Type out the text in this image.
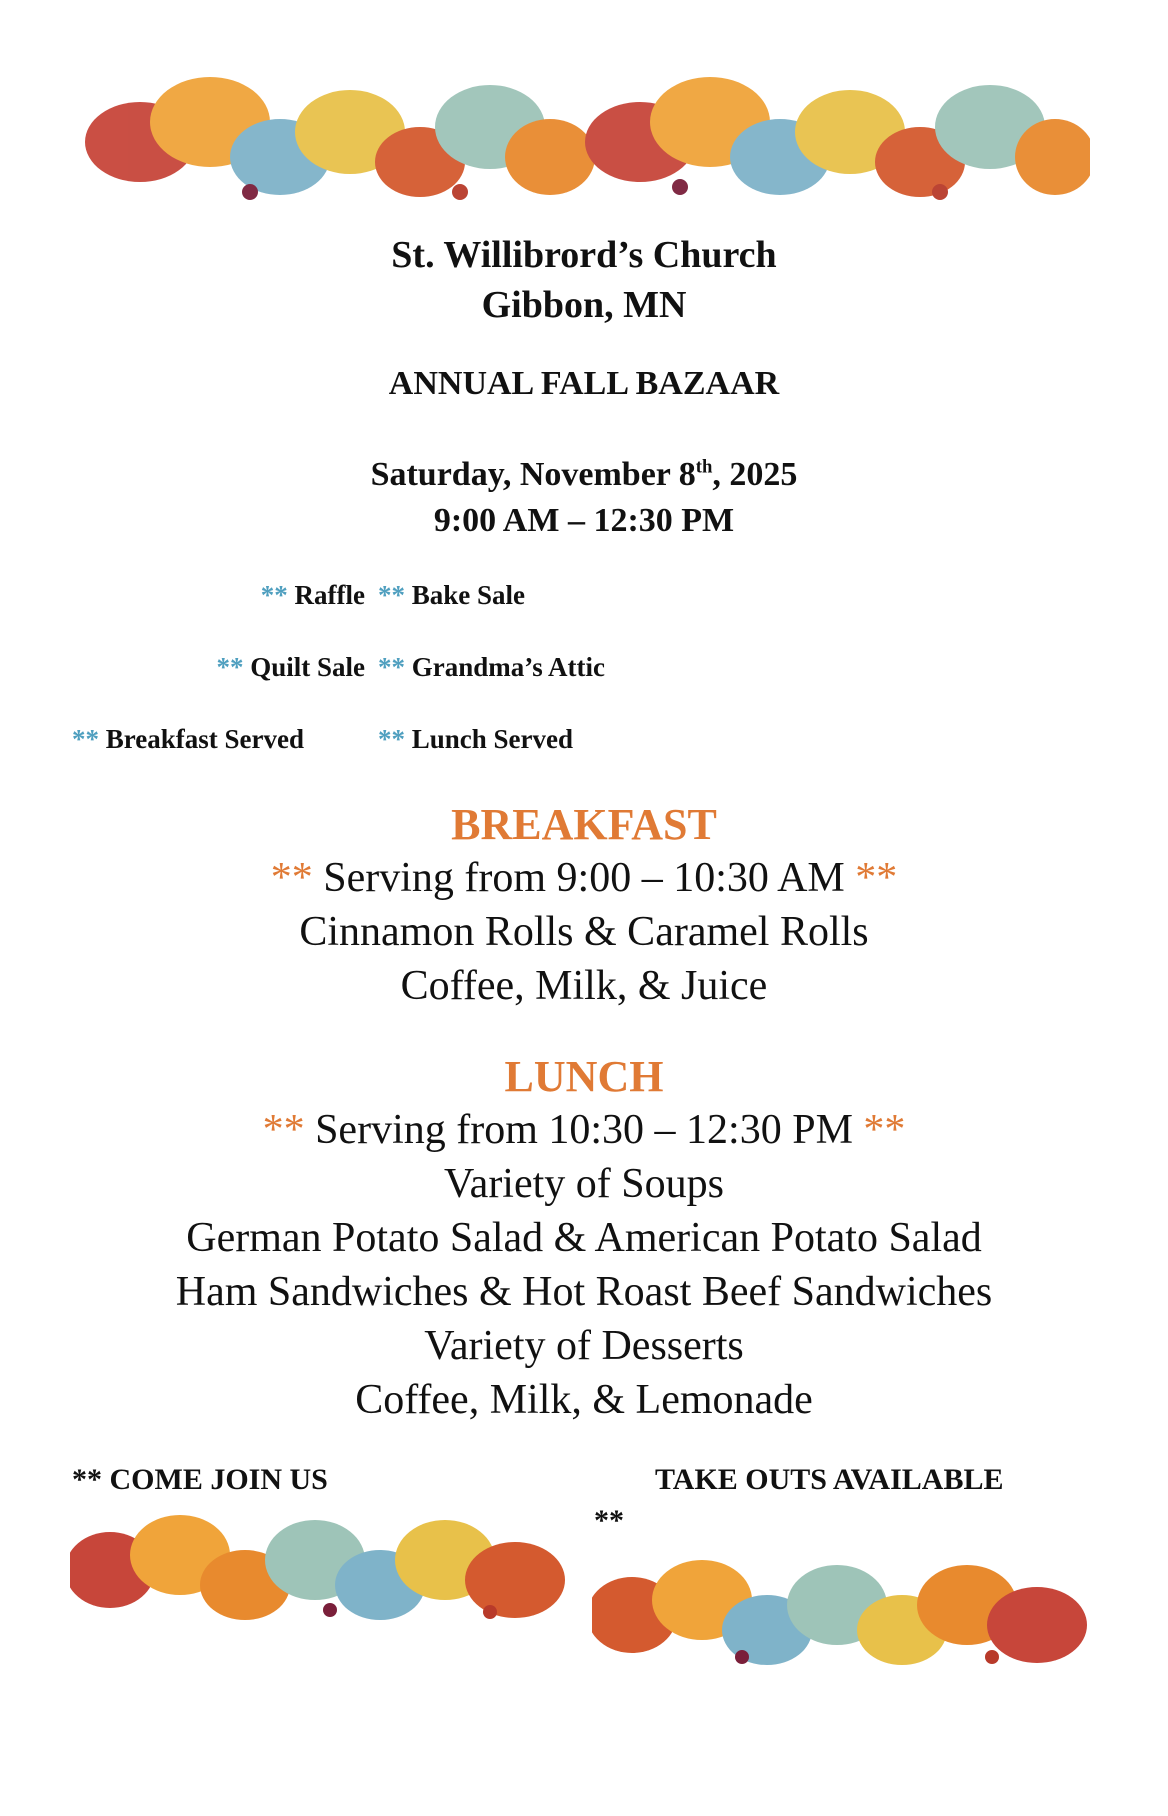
St. Willibrord’s Church
Gibbon, MN
ANNUAL FALL BAZAAR
Saturday, November 8th, 2025
9:00 AM – 12:30 PM
** Raffle ** Bake Sale
** Quilt Sale ** Grandma’s Attic
** Breakfast Served	** Lunch Served
BREAKFAST
** Serving from 9:00 – 10:30 AM **
Cinnamon Rolls & Caramel Rolls
Coffee, Milk, & Juice
LUNCH
** Serving from 10:30 – 12:30 PM **
Variety of Soups
German Potato Salad & American Potato Salad
Ham Sandwiches & Hot Roast Beef Sandwiches
Variety of Desserts
Coffee, Milk, & Lemonade
** COME JOIN US	TAKE OUTS AVAILABLE
**
